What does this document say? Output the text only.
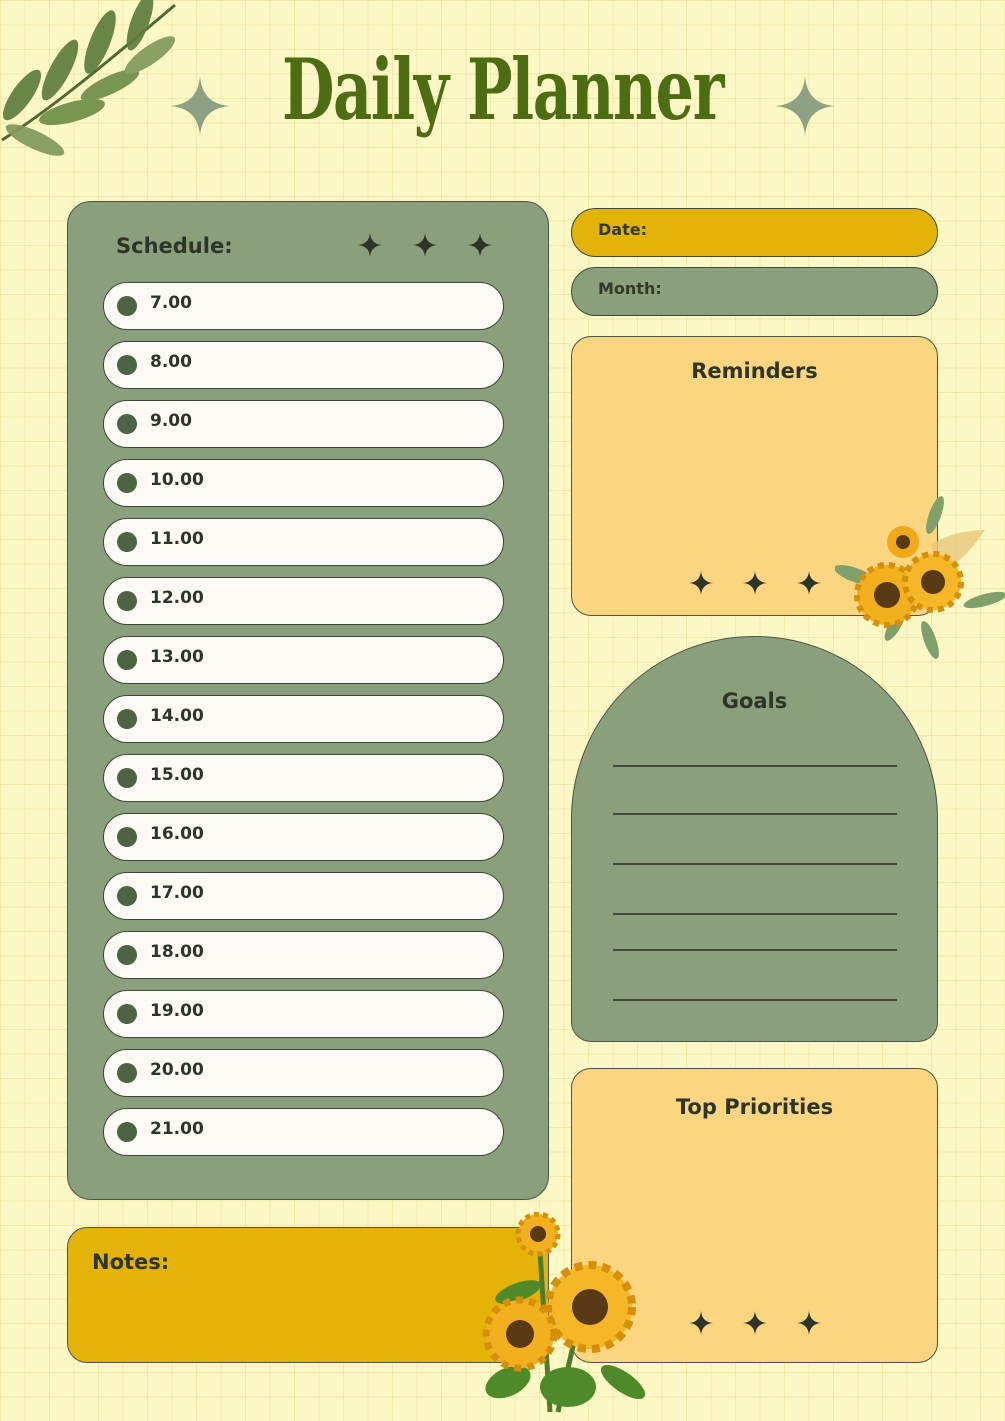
Daily Planner
Schedule:
7.00
8.00
9.00
10.00
11.00
12.00
13.00
14.00
15.00
16.00
17.00
18.00
19.00
20.00
21.00
Date:
Month:
Reminders
Goals
Top Priorities
Notes:
